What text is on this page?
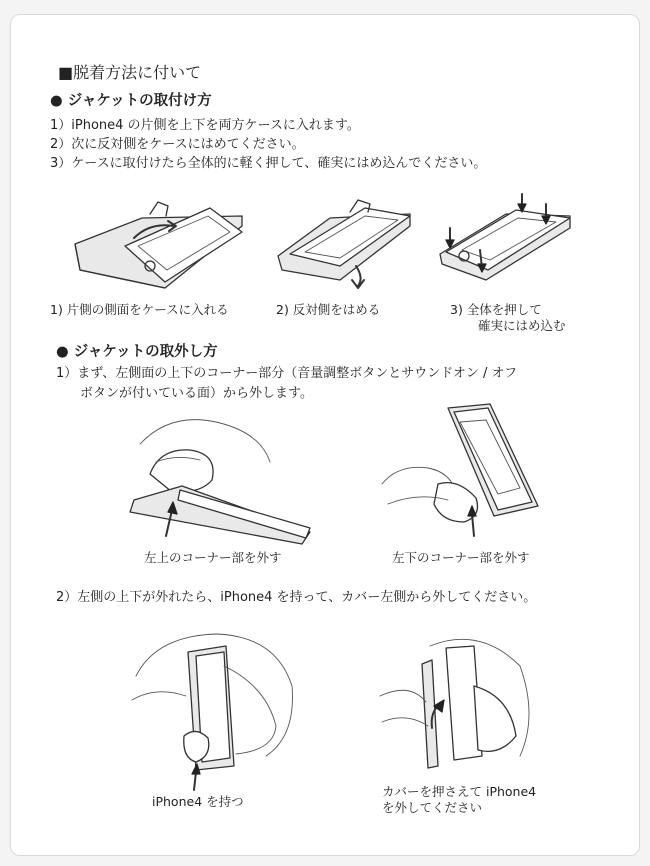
■脱着方法に付いて
● ジャケットの取付け方
1）iPhone4 の片側を上下を両方ケースに入れます。
2）次に反対側をケースにはめてください。
3）ケースに取付けたら全体的に軽く押して、確実にはめ込んでください。
1) 片側の側面をケースに入れる	2) 反対側をはめる	3) 全体を押して
確実にはめ込む
● ジャケットの取外し方
1）まず、左側面の上下のコーナー部分（音量調整ボタンとサウンドオン / オフ
ボタンが付いている面）から外します。
左上のコーナー部を外す	左下のコーナー部を外す
2）左側の上下が外れたら、iPhone4 を持って、カバー左側から外してください。
iPhone4 を持つ
カバーを押さえて iPhone4
を外してください
